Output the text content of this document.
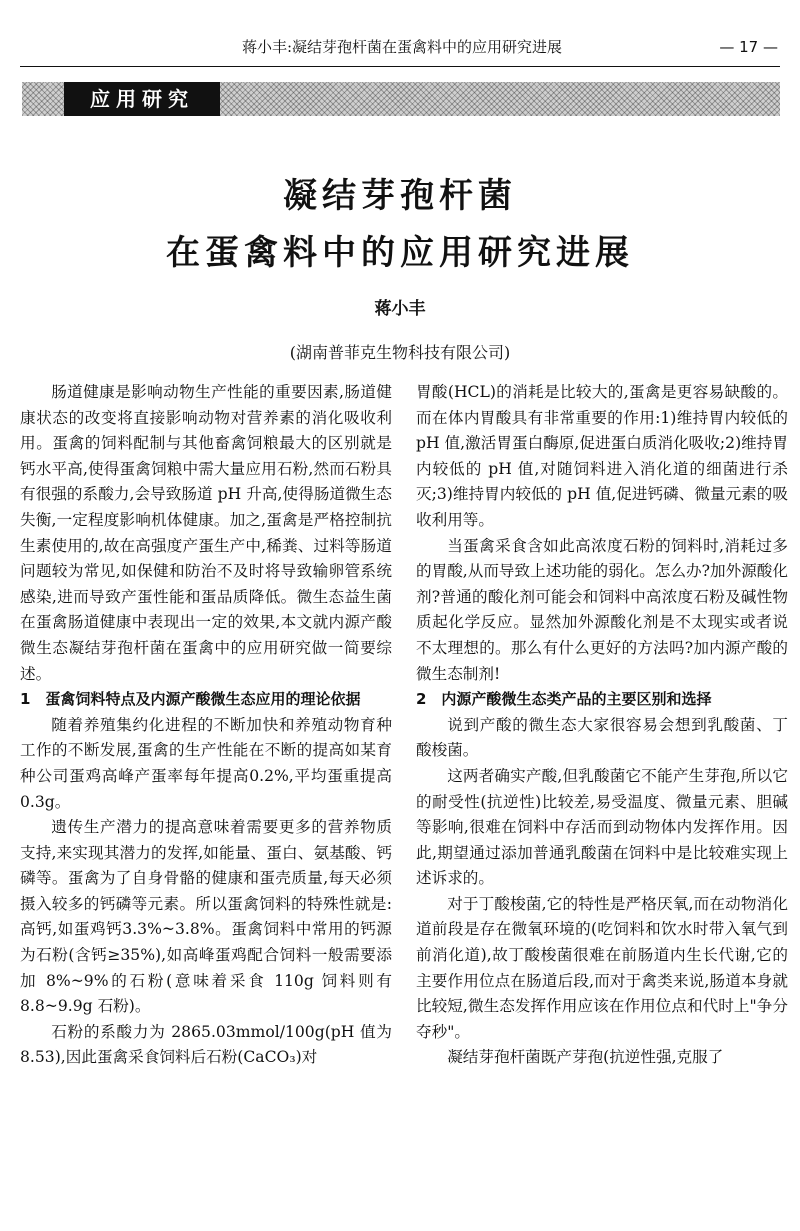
蒋小丰:凝结芽孢杆菌在蛋禽料中的应用研究进展	— 17 —
应用研究
凝结芽孢杆菌
在蛋禽料中的应用研究进展
蒋小丰
(湖南普菲克生物科技有限公司)

肠道健康是影响动物生产性能的重要因素,肠道健康状态的改变将直接影响动物对营养素的消化吸收利用。蛋禽的饲料配制与其他畜禽饲粮最大的区别就是钙水平高,使得蛋禽饲粮中需大量应用石粉,然而石粉具有很强的系酸力,会导致肠道 pH 升高,使得肠道微生态失衡,一定程度影响机体健康。加之,蛋禽是严格控制抗生素使用的,故在高强度产蛋生产中,稀粪、过料等肠道问题较为常见,如保健和防治不及时将导致输卵管系统感染,进而导致产蛋性能和蛋品质降低。微生态益生菌在蛋禽肠道健康中表现出一定的效果,本文就内源产酸微生态凝结芽孢杆菌在蛋禽中的应用研究做一简要综述。

1　蛋禽饲料特点及内源产酸微生态应用的理论依据

随着养殖集约化进程的不断加快和养殖动物育种工作的不断发展,蛋禽的生产性能在不断的提高如某育种公司蛋鸡高峰产蛋率每年提高0.2%,平均蛋重提高 0.3g。

遗传生产潜力的提高意味着需要更多的营养物质支持,来实现其潜力的发挥,如能量、蛋白、氨基酸、钙磷等。蛋禽为了自身骨骼的健康和蛋壳质量,每天必须摄入较多的钙磷等元素。所以蛋禽饲料的特殊性就是:高钙,如蛋鸡钙3.3%~3.8%。蛋禽饲料中常用的钙源为石粉(含钙≥35%),如高峰蛋鸡配合饲料一般需要添加 8%~9%的石粉(意味着采食 110g 饲料则有 8.8~9.9g 石粉)。

石粉的系酸力为 2865.03mmol/100g(pH 值为 8.53),因此蛋禽采食饲料后石粉(CaCO₃)对

胃酸(HCL)的消耗是比较大的,蛋禽是更容易缺酸的。而在体内胃酸具有非常重要的作用:1)维持胃内较低的 pH 值,激活胃蛋白酶原,促进蛋白质消化吸收;2)维持胃内较低的 pH 值,对随饲料进入消化道的细菌进行杀灭;3)维持胃内较低的 pH 值,促进钙磷、微量元素的吸收利用等。

当蛋禽采食含如此高浓度石粉的饲料时,消耗过多的胃酸,从而导致上述功能的弱化。怎么办?加外源酸化剂?普通的酸化剂可能会和饲料中高浓度石粉及碱性物质起化学反应。显然加外源酸化剂是不太现实或者说不太理想的。那么有什么更好的方法吗?加内源产酸的微生态制剂!

2　内源产酸微生态类产品的主要区别和选择

说到产酸的微生态大家很容易会想到乳酸菌、丁酸梭菌。

这两者确实产酸,但乳酸菌它不能产生芽孢,所以它的耐受性(抗逆性)比较差,易受温度、微量元素、胆碱等影响,很难在饲料中存活而到动物体内发挥作用。因此,期望通过添加普通乳酸菌在饲料中是比较难实现上述诉求的。

对于丁酸梭菌,它的特性是严格厌氧,而在动物消化道前段是存在微氧环境的(吃饲料和饮水时带入氧气到前消化道),故丁酸梭菌很难在前肠道内生长代谢,它的主要作用位点在肠道后段,而对于禽类来说,肠道本身就比较短,微生态发挥作用应该在作用位点和代时上"争分夺秒"。

凝结芽孢杆菌既产芽孢(抗逆性强,克服了
